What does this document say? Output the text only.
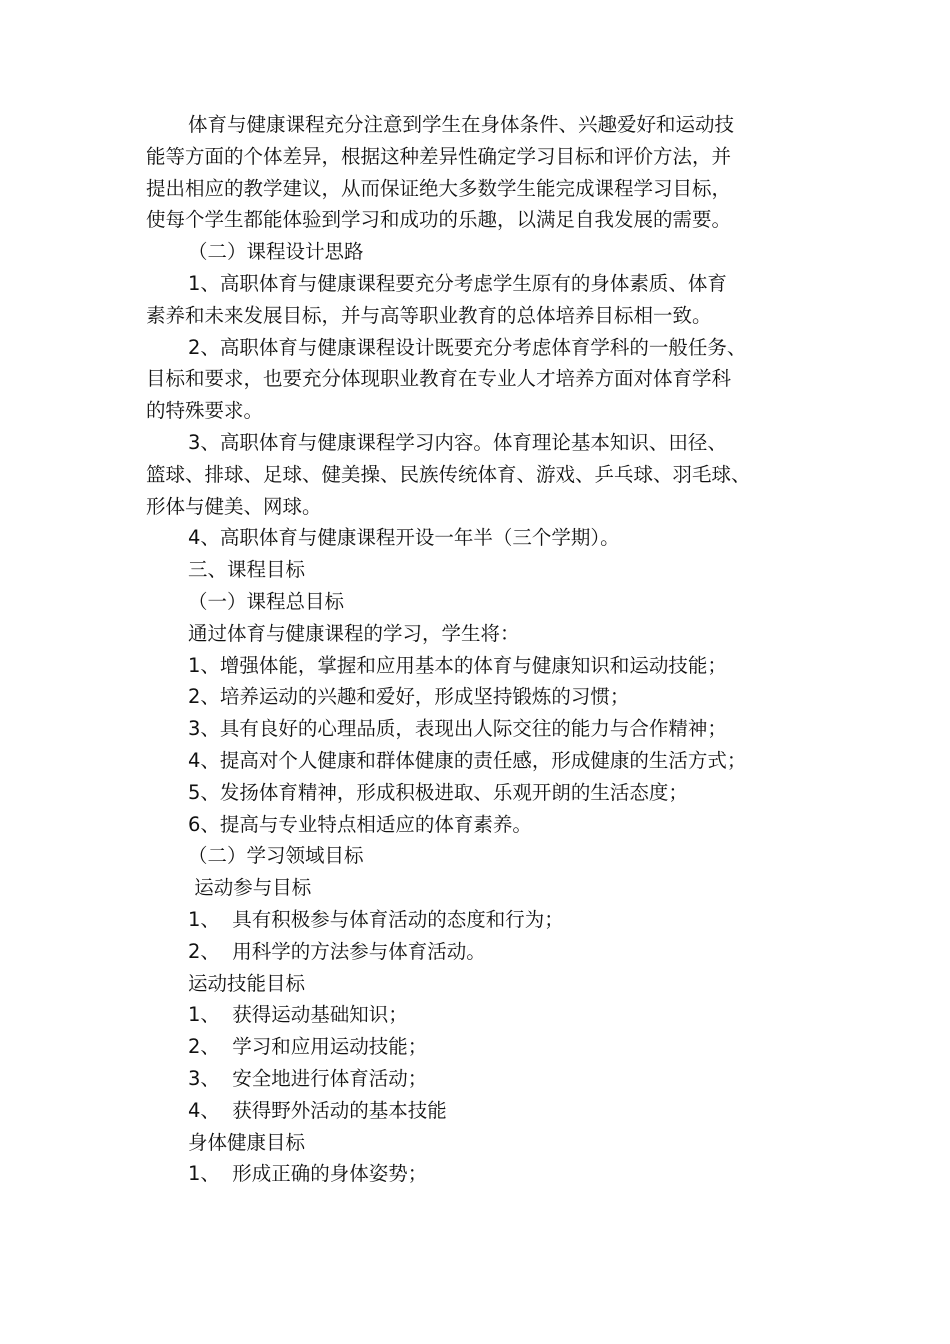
体育与健康课程充分注意到学生在身体条件、兴趣爱好和运动技
能等方面的个体差异，根据这种差异性确定学习目标和评价方法，并
提出相应的教学建议，从而保证绝大多数学生能完成课程学习目标，
使每个学生都能体验到学习和成功的乐趣，以满足自我发展的需要。
（二）课程设计思路
1、高职体育与健康课程要充分考虑学生原有的身体素质、体育
素养和未来发展目标，并与高等职业教育的总体培养目标相一致。
2、高职体育与健康课程设计既要充分考虑体育学科的一般任务、
目标和要求，也要充分体现职业教育在专业人才培养方面对体育学科
的特殊要求。
3、高职体育与健康课程学习内容。体育理论基本知识、田径、
篮球、排球、足球、健美操、民族传统体育、游戏、乒乓球、羽毛球、
形体与健美、网球。
4、高职体育与健康课程开设一年半（三个学期）。
三、课程目标
（一）课程总目标
通过体育与健康课程的学习，学生将：
1、增强体能，掌握和应用基本的体育与健康知识和运动技能；
2、培养运动的兴趣和爱好，形成坚持锻炼的习惯；
3、具有良好的心理品质，表现出人际交往的能力与合作精神；
4、提高对个人健康和群体健康的责任感，形成健康的生活方式；
5、发扬体育精神，形成积极进取、乐观开朗的生活态度；
6、提高与专业特点相适应的体育素养。
（二）学习领域目标
运动参与目标
1、  具有积极参与体育活动的态度和行为；
2、  用科学的方法参与体育活动。
运动技能目标
1、  获得运动基础知识；
2、  学习和应用运动技能；
3、  安全地进行体育活动；
4、  获得野外活动的基本技能
身体健康目标
1、  形成正确的身体姿势；
